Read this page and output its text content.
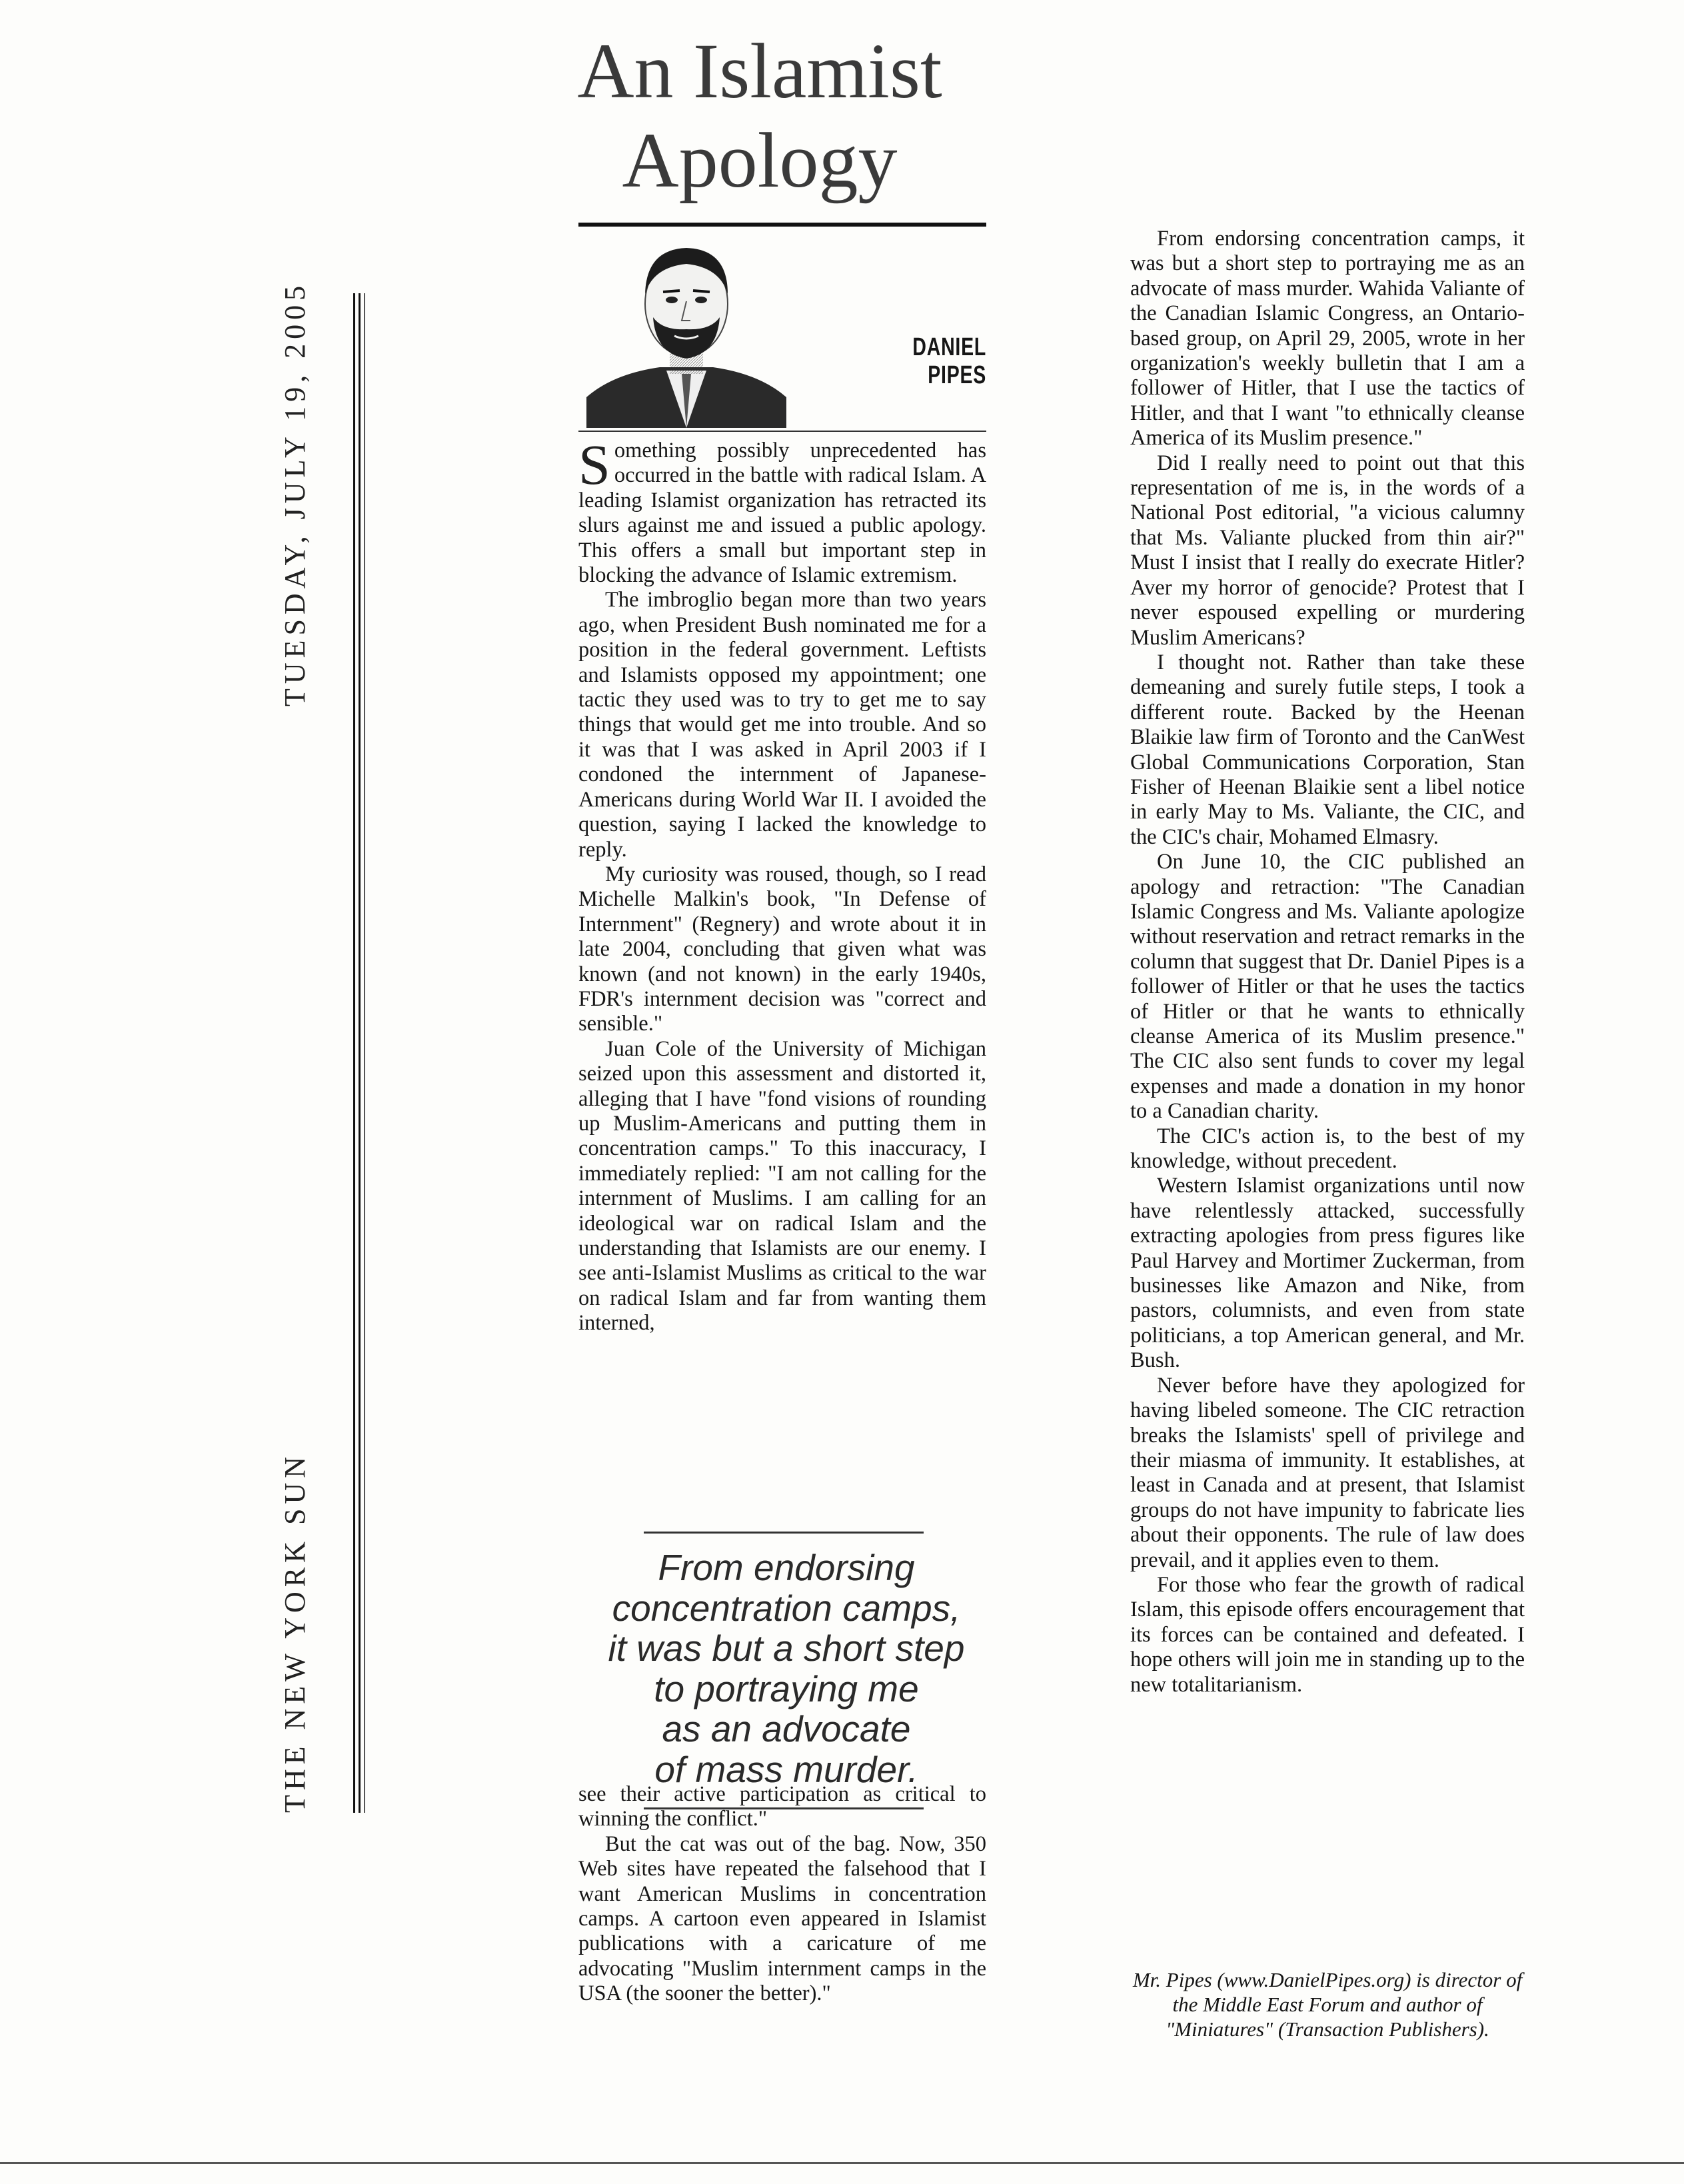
An Islamist
Apology
TUESDAY, JULY 19, 2005
THE NEW YORK SUN
DANIEL
PIPES

Something possibly unprecedented has occurred in the battle with radical Islam. A leading Islamist organization has retracted its slurs against me and issued a public apology. This offers a small but important step in blocking the advance of Islamic extremism.

The imbroglio began more than two years ago, when President Bush nominated me for a position in the federal government. Leftists and Islamists opposed my appointment; one tactic they used was to try to get me to say things that would get me into trouble. And so it was that I was asked in April 2003 if I condoned the internment of Japanese-Americans during World War II. I avoided the question, saying I lacked the knowledge to reply.

My curiosity was roused, though, so I read Michelle Malkin's book, "In Defense of Internment" (Regnery) and wrote about it in late 2004, concluding that given what was known (and not known) in the early 1940s, FDR's internment decision was "correct and sensible."

Juan Cole of the University of Michigan seized upon this assessment and distorted it, alleging that I have "fond visions of rounding up Muslim-Americans and putting them in concentration camps." To this inaccuracy, I immediately replied: "I am not calling for the internment of Muslims. I am calling for an ideological war on radical Islam and the understanding that Islamists are our enemy. I see anti-Islamist Muslims as critical to the war on radical Islam and far from wanting them interned,

From endorsing
concentration camps,
it was but a short step
to portraying me
as an advocate
of mass murder.

see their active participation as critical to winning the conflict."

But the cat was out of the bag. Now, 350 Web sites have repeated the falsehood that I want American Muslims in concentration camps. A cartoon even appeared in Islamist publications with a caricature of me advocating "Muslim internment camps in the USA (the sooner the better)."

From endorsing concentration camps, it was but a short step to portraying me as an advocate of mass murder. Wahida Valiante of the Canadian Islamic Congress, an Ontario-based group, on April 29, 2005, wrote in her organization's weekly bulletin that I am a follower of Hitler, that I use the tactics of Hitler, and that I want "to ethnically cleanse America of its Muslim presence."

Did I really need to point out that this representation of me is, in the words of a National Post editorial, "a vicious calumny that Ms. Valiante plucked from thin air?" Must I insist that I really do execrate Hitler? Aver my horror of genocide? Protest that I never espoused expelling or murdering Muslim Americans?

I thought not. Rather than take these demeaning and surely futile steps, I took a different route. Backed by the Heenan Blaikie law firm of Toronto and the CanWest Global Communications Corporation, Stan Fisher of Heenan Blaikie sent a libel notice in early May to Ms. Valiante, the CIC, and the CIC's chair, Mohamed Elmasry.

On June 10, the CIC published an apology and retraction: "The Canadian Islamic Congress and Ms. Valiante apologize without reservation and retract remarks in the column that suggest that Dr. Daniel Pipes is a follower of Hitler or that he uses the tactics of Hitler or that he wants to ethnically cleanse America of its Muslim presence." The CIC also sent funds to cover my legal expenses and made a donation in my honor to a Canadian charity.

The CIC's action is, to the best of my knowledge, without precedent.

Western Islamist organizations until now have relentlessly attacked, successfully extracting apologies from press figures like Paul Harvey and Mortimer Zuckerman, from businesses like Amazon and Nike, from pastors, columnists, and even from state politicians, a top American general, and Mr. Bush.

Never before have they apologized for having libeled someone. The CIC retraction breaks the Islamists' spell of privilege and their miasma of immunity. It establishes, at least in Canada and at present, that Islamist groups do not have impunity to fabricate lies about their opponents. The rule of law does prevail, and it applies even to them.

For those who fear the growth of radical Islam, this episode offers encouragement that its forces can be contained and defeated. I hope others will join me in standing up to the new totalitarianism.

Mr. Pipes (www.DanielPipes.org) is director of the Middle East Forum and author of "Miniatures" (Transaction Publishers).
